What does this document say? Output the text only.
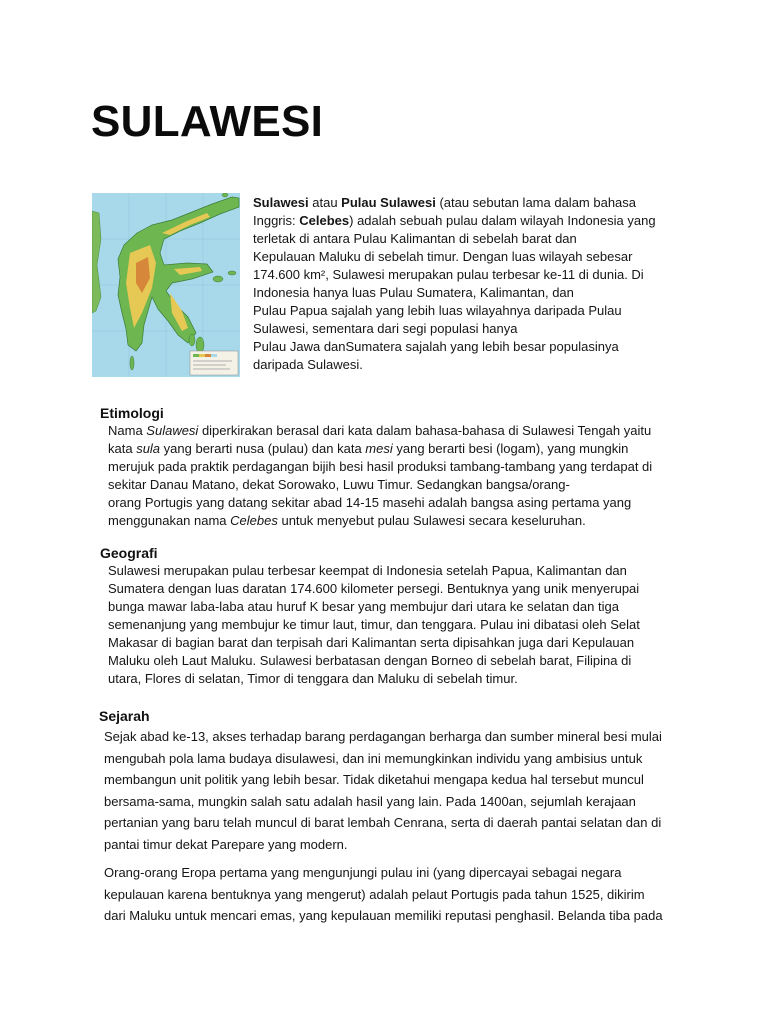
SULAWESI
Sulawesi atau Pulau Sulawesi (atau sebutan lama dalam bahasa
Inggris: Celebes) adalah sebuah pulau dalam wilayah Indonesia yang
terletak di antara Pulau Kalimantan di sebelah barat dan
Kepulauan Maluku di sebelah timur. Dengan luas wilayah sebesar
174.600 km², Sulawesi merupakan pulau terbesar ke-11 di dunia. Di
Indonesia hanya luas Pulau Sumatera, Kalimantan, dan
Pulau Papua sajalah yang lebih luas wilayahnya daripada Pulau
Sulawesi, sementara dari segi populasi hanya
Pulau Jawa danSumatera sajalah yang lebih besar populasinya
daripada Sulawesi.
Etimologi
Nama Sulawesi diperkirakan berasal dari kata dalam bahasa-bahasa di Sulawesi Tengah yaitu
kata sula yang berarti nusa (pulau) dan kata mesi yang berarti besi (logam), yang mungkin
merujuk pada praktik perdagangan bijih besi hasil produksi tambang-tambang yang terdapat di
sekitar Danau Matano, dekat Sorowako, Luwu Timur. Sedangkan bangsa/orang-
orang Portugis yang datang sekitar abad 14-15 masehi adalah bangsa asing pertama yang
menggunakan nama Celebes untuk menyebut pulau Sulawesi secara keseluruhan.
Geografi
Sulawesi merupakan pulau terbesar keempat di Indonesia setelah Papua, Kalimantan dan
Sumatera dengan luas daratan 174.600 kilometer persegi. Bentuknya yang unik menyerupai
bunga mawar laba-laba atau huruf K besar yang membujur dari utara ke selatan dan tiga
semenanjung yang membujur ke timur laut, timur, dan tenggara. Pulau ini dibatasi oleh Selat
Makasar di bagian barat dan terpisah dari Kalimantan serta dipisahkan juga dari Kepulauan
Maluku oleh Laut Maluku. Sulawesi berbatasan dengan Borneo di sebelah barat, Filipina di
utara, Flores di selatan, Timor di tenggara dan Maluku di sebelah timur.
Sejarah
Sejak abad ke-13, akses terhadap barang perdagangan berharga dan sumber mineral besi mulai
mengubah pola lama budaya disulawesi, dan ini memungkinkan individu yang ambisius untuk
membangun unit politik yang lebih besar. Tidak diketahui mengapa kedua hal tersebut muncul
bersama-sama, mungkin salah satu adalah hasil yang lain. Pada 1400an, sejumlah kerajaan
pertanian yang baru telah muncul di barat lembah Cenrana, serta di daerah pantai selatan dan di
pantai timur dekat Parepare yang modern.
Orang-orang Eropa pertama yang mengunjungi pulau ini (yang dipercayai sebagai negara
kepulauan karena bentuknya yang mengerut) adalah pelaut Portugis pada tahun 1525, dikirim
dari Maluku untuk mencari emas, yang kepulauan memiliki reputasi penghasil. Belanda tiba pada
